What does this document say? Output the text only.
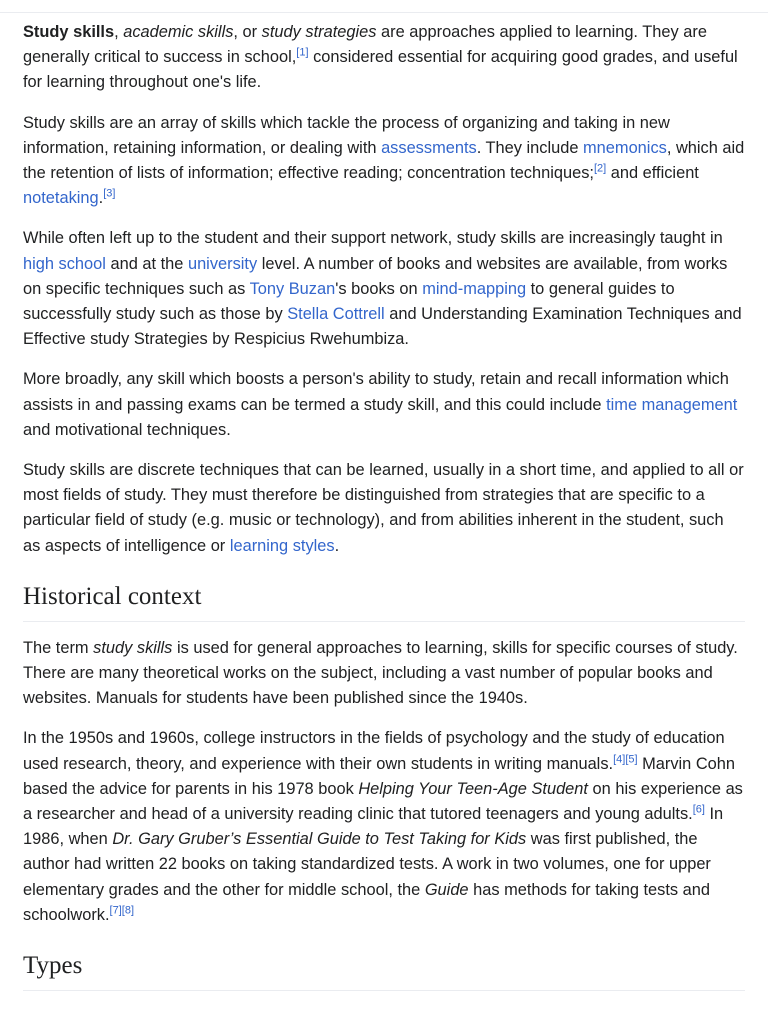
Study skills, academic skills, or study strategies are approaches applied to learning. They are generally critical to success in school,[1] considered essential for acquiring good grades, and useful for learning throughout one's life.

Study skills are an array of skills which tackle the process of organizing and taking in new information, retaining information, or dealing with assessments. They include mnemonics, which aid the retention of lists of information; effective reading; concentration techniques;[2] and efficient notetaking.[3]

While often left up to the student and their support network, study skills are increasingly taught in high school and at the university level. A number of books and websites are available, from works on specific techniques such as Tony Buzan's books on mind-mapping to general guides to successfully study such as those by Stella Cottrell and Understanding Examination Techniques and Effective study Strategies by Respicius Rwehumbiza.

More broadly, any skill which boosts a person's ability to study, retain and recall information which assists in and passing exams can be termed a study skill, and this could include time management and motivational techniques.

Study skills are discrete techniques that can be learned, usually in a short time, and applied to all or most fields of study. They must therefore be distinguished from strategies that are specific to a particular field of study (e.g. music or technology), and from abilities inherent in the student, such as aspects of intelligence or learning styles.

Historical context

The term study skills is used for general approaches to learning, skills for specific courses of study. There are many theoretical works on the subject, including a vast number of popular books and websites. Manuals for students have been published since the 1940s.

In the 1950s and 1960s, college instructors in the fields of psychology and the study of education used research, theory, and experience with their own students in writing manuals.[4][5] Marvin Cohn based the advice for parents in his 1978 book Helping Your Teen-Age Student on his experience as a researcher and head of a university reading clinic that tutored teenagers and young adults.[6] In 1986, when Dr. Gary Gruber’s Essential Guide to Test Taking for Kids was first published, the author had written 22 books on taking standardized tests. A work in two volumes, one for upper elementary grades and the other for middle school, the Guide has methods for taking tests and schoolwork.[7][8]

Types
